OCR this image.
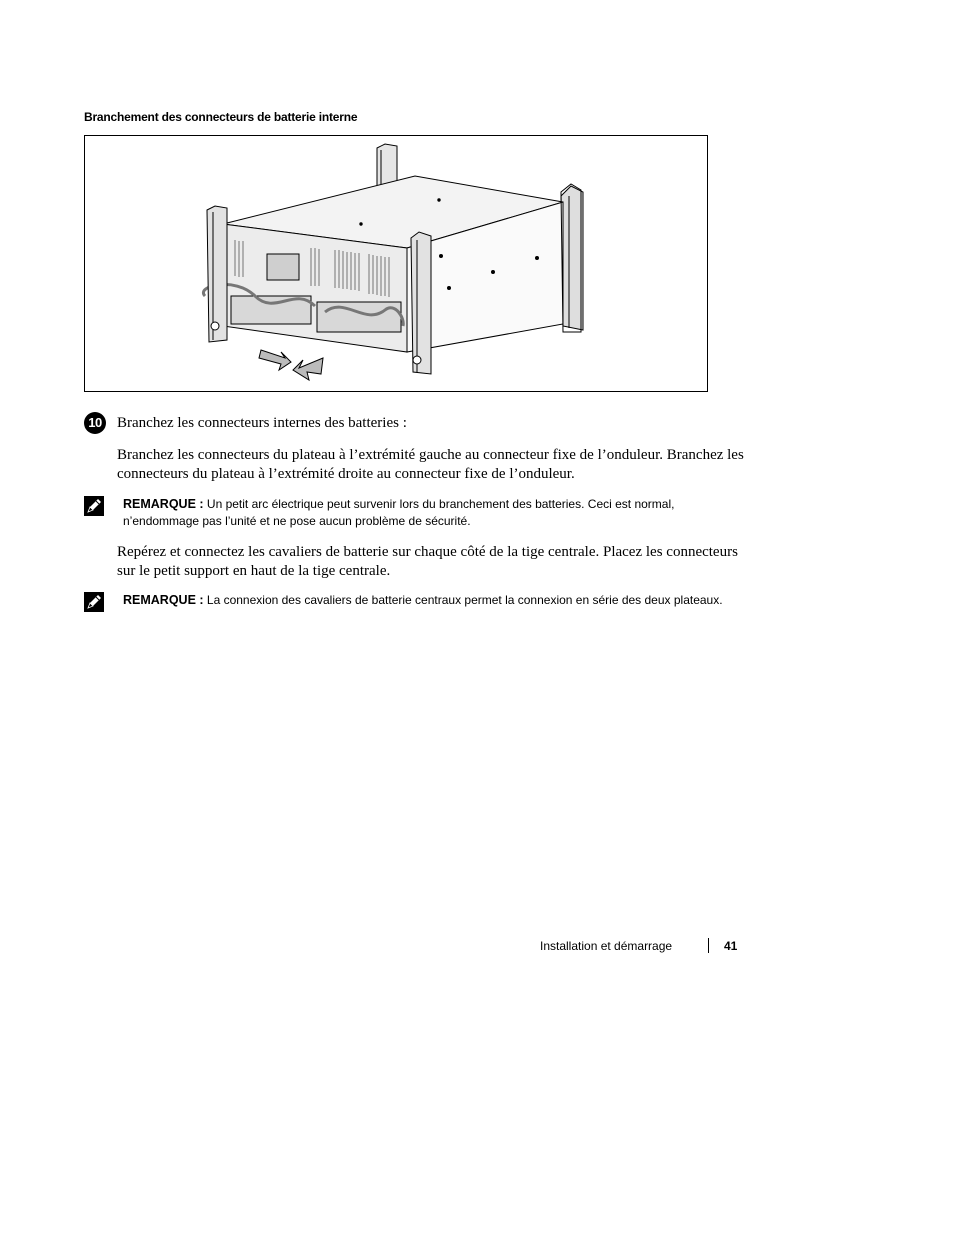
Branchement des connecteurs de batterie interne
10 Branchez les connecteurs internes des batteries :
Branchez les connecteurs du plateau à l’extrémité gauche au connecteur fixe de l’onduleur. Branchez les connecteurs du plateau à l’extrémité droite au connecteur fixe de l’onduleur.
REMARQUE : Un petit arc électrique peut survenir lors du branchement des batteries. Ceci est normal, n’endommage pas l’unité et ne pose aucun problème de sécurité.
Repérez et connectez les cavaliers de batterie sur chaque côté de la tige centrale. Placez les connecteurs sur le petit support en haut de la tige centrale.
REMARQUE : La connexion des cavaliers de batterie centraux permet la connexion en série des deux plateaux.
Installation et démarrage	41
